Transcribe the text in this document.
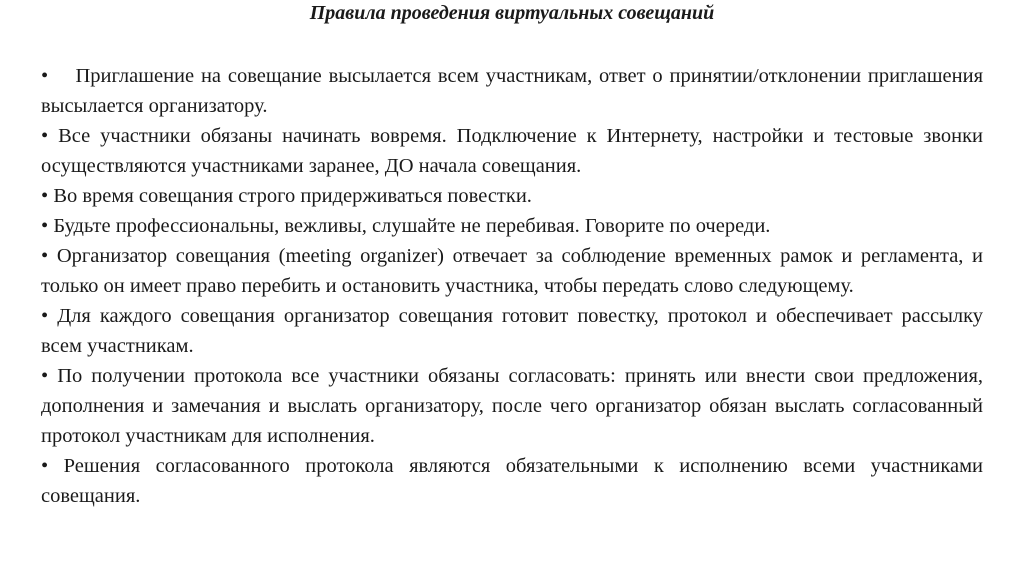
Правила проведения виртуальных совещаний
• Приглашение на совещание высылается всем участникам, ответ о принятии/отклонении приглашения высылается организатору.
• Все участники обязаны начинать вовремя. Подключение к Интернету, настройки и тестовые звонки осуществляются участниками заранее, ДО начала совещания.
• Во время совещания строго придерживаться повестки.
• Будьте профессиональны, вежливы, слушайте не перебивая. Говорите по очереди.
• Организатор совещания (meeting organizer) отвечает за соблюдение временных рамок и регламента, и только он имеет право перебить и остановить участника, чтобы передать слово следующему.
• Для каждого совещания организатор совещания готовит повестку, протокол и обеспечивает рассылку всем участникам.
• По получении протокола все участники обязаны согласовать: принять или внести свои предложения, дополнения и замечания и выслать организатору, после чего организатор обязан выслать согласованный протокол участникам для исполнения.
• Решения согласованного протокола являются обязательными к исполнению всеми участниками совещания.
